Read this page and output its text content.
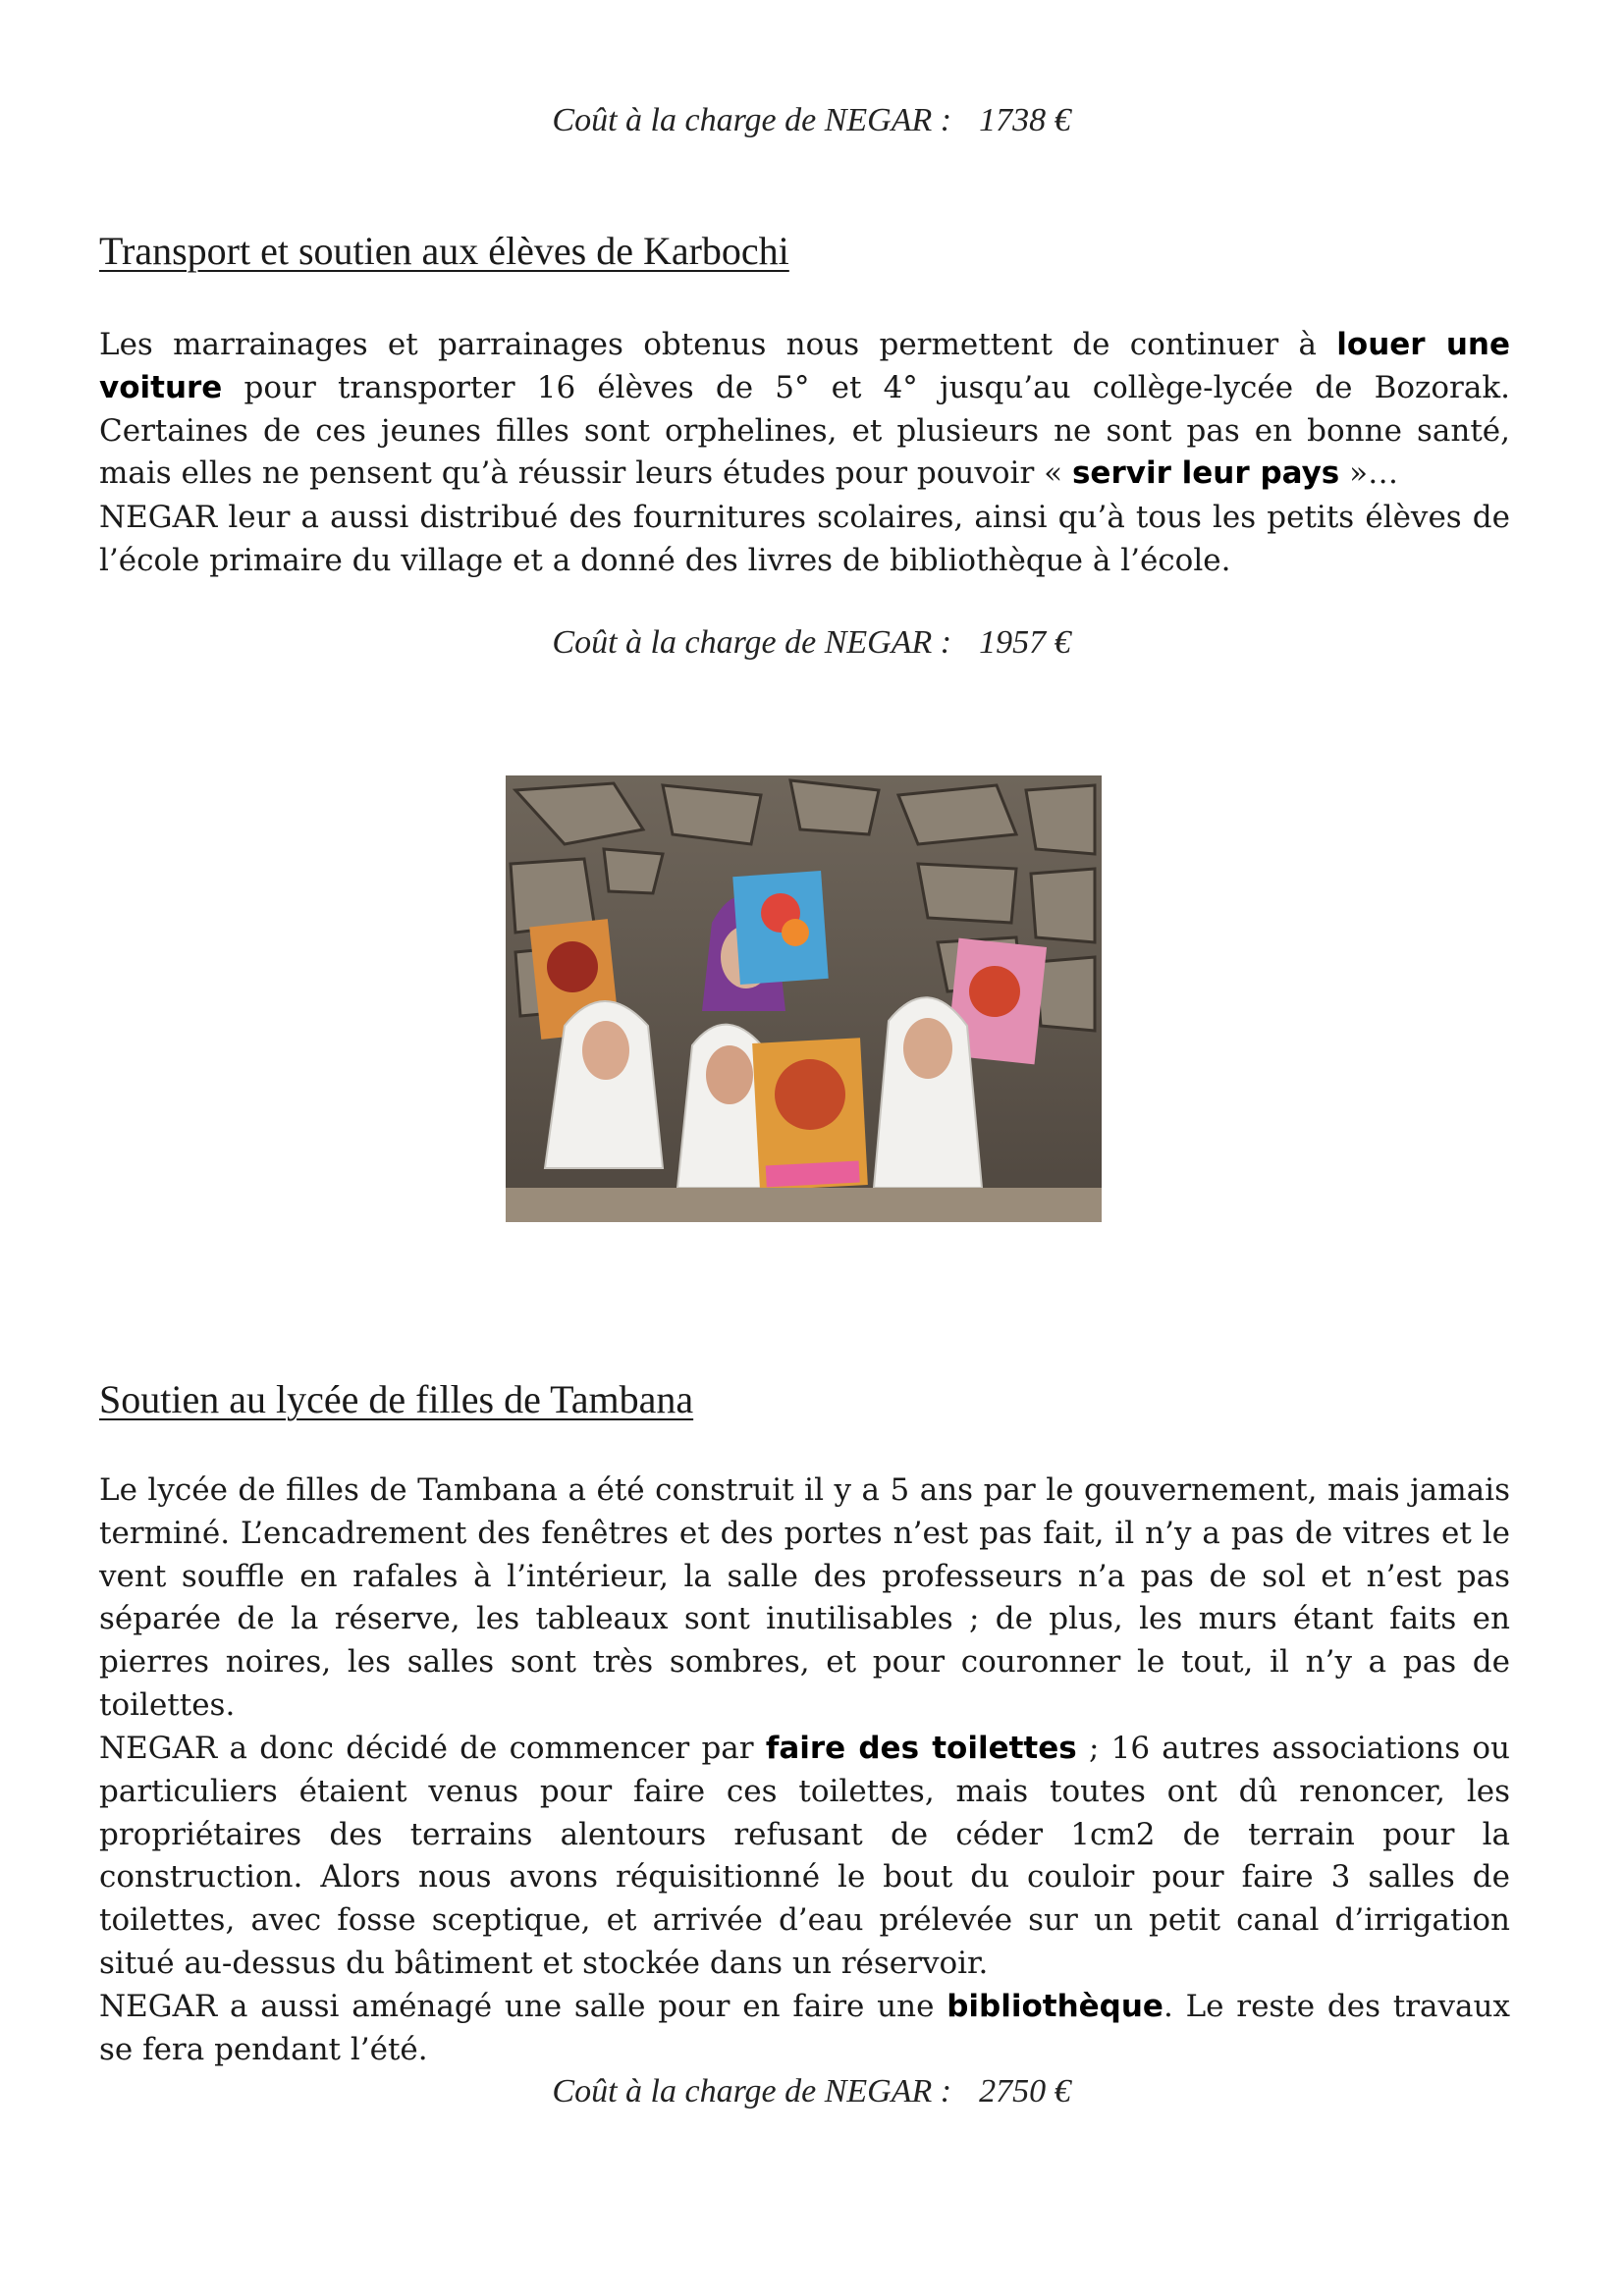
Coût à la charge de NEGAR : 1738 €
Transport et soutien aux élèves de Karbochi

Les marrainages et parrainages obtenus nous permettent de continuer à louer une voiture pour transporter 16 élèves de 5° et 4° jusqu’au collège-lycée de Bozorak. Certaines de ces jeunes filles sont orphelines, et plusieurs ne sont pas en bonne santé, mais elles ne pensent qu’à réussir leurs études pour pouvoir « servir leur pays »…

NEGAR leur a aussi distribué des fournitures scolaires, ainsi qu’à tous les petits élèves de l’école primaire du village et a donné des livres de bibliothèque à l’école.

Coût à la charge de NEGAR : 1957 €
Soutien au lycée de filles de Tambana

Le lycée de filles de Tambana a été construit il y a 5 ans par le gouvernement, mais jamais terminé. L’encadrement des fenêtres et des portes n’est pas fait, il n’y a pas de vitres et le vent souffle en rafales à l’intérieur, la salle des professeurs n’a pas de sol et n’est pas séparée de la réserve, les tableaux sont inutilisables ; de plus, les murs étant faits en pierres noires, les salles sont très sombres, et pour couronner le tout, il n’y a pas de toilettes.

NEGAR a donc décidé de commencer par faire des toilettes ; 16 autres associations ou particuliers étaient venus pour faire ces toilettes, mais toutes ont dû renoncer, les propriétaires des terrains alentours refusant de céder 1cm2 de terrain pour la construction. Alors nous avons réquisitionné le bout du couloir pour faire 3 salles de toilettes, avec fosse sceptique, et arrivée d’eau prélevée sur un petit canal d’irrigation situé au-dessus du bâtiment et stockée dans un réservoir.

NEGAR a aussi aménagé une salle pour en faire une bibliothèque. Le reste des travaux se fera pendant l’été.

Coût à la charge de NEGAR : 2750 €
